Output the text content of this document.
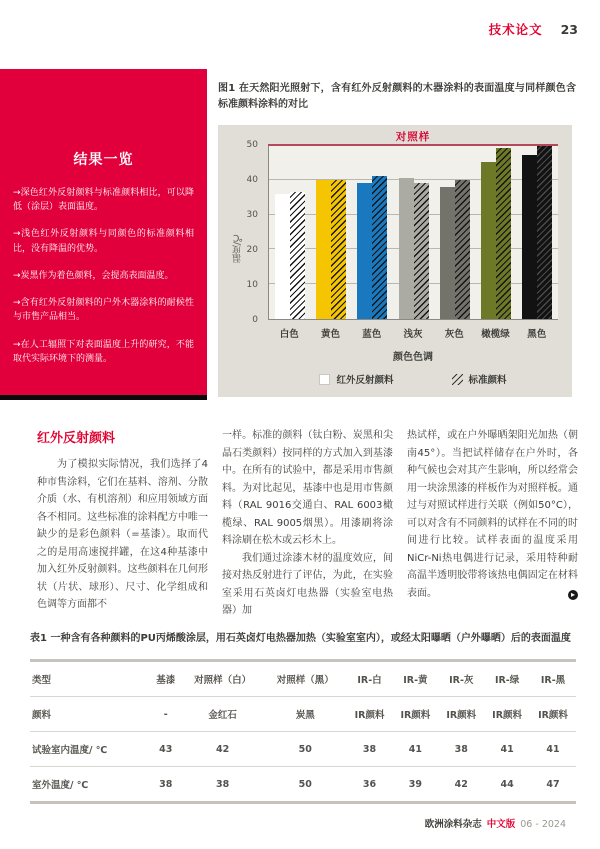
技术论文 23
结果一览

→深色红外反射颜料与标准颜料相比，可以降低（涂层）表面温度。

→浅色红外反射颜料与同颜色的标准颜料相比，没有降温的优势。

→炭黑作为着色颜料，会提高表面温度。

→含有红外反射颜料的户外木器涂料的耐候性与市售产品相当。

→在人工辐照下对表面温度上升的研究，不能取代实际环境下的测量。

图1 在天然阳光照射下，含有红外反射颜料的木器涂料的表面温度与同样颜色含标准颜料涂料的对比
对照样
温度/℃
0
10
20
30
40
50
白色	黄色	蓝色	浅灰	灰色	橄榄绿	黑色
颜色色调
红外反射颜料	标准颜料
红外反射颜料

为了模拟实际情况，我们选择了4种市售涂料，它们在基料、溶剂、分散介质（水、有机溶剂）和应用领域方面各不相同。这些标准的涂料配方中唯一缺少的是彩色颜料（=基漆）。取而代之的是用高速搅拌罐，在这4种基漆中加入红外反射颜料。这些颜料在几何形状（片状、球形）、尺寸、化学组成和色调等方面都不

一样。标准的颜料（钛白粉、炭黑和尖晶石类颜料）按同样的方式加入到基漆中。在所有的试验中，都是采用市售颜料。为对比起见，基漆中也是用市售颜料（RAL 9016交通白、RAL 6003橄榄绿、RAL 9005烟黑）。用漆刷将涂料涂刷在松木或云杉木上。

我们通过涂漆木材的温度效应，间接对热反射进行了评估，为此，在实验室采用石英卤灯电热器（实验室电热器）加

热试样，或在户外曝晒架阳光加热（朝南45°）。当把试样储存在户外时，各种气候也会对其产生影响，所以经常会用一块涂黑漆的样板作为对照样板。通过与对照试样进行关联（例如50°C），可以对含有不同颜料的试样在不同的时间进行比较。试样表面的温度采用NiCr-Ni热电偶进行记录，采用特种耐高温半透明胶带将该热电偶固定在材料表面。	▸

表1 一种含有各种颜料的PU丙烯酸涂层，用石英卤灯电热器加热（实验室室内），或经太阳曝晒（户外曝晒）后的表面温度
类型	基漆	对照样（白）	对照样（黑）	IR-白	IR-黄	IR-灰	IR-绿	IR-黑
颜料	-	金红石	炭黑	IR颜料	IR颜料	IR颜料	IR颜料	IR颜料
试验室内温度/ ℃	43	42	50	38	41	38	41	41
室外温度/ ℃	38	38	50	36	39	42	44	47
欧洲涂料杂志 中文版 06 - 2024
